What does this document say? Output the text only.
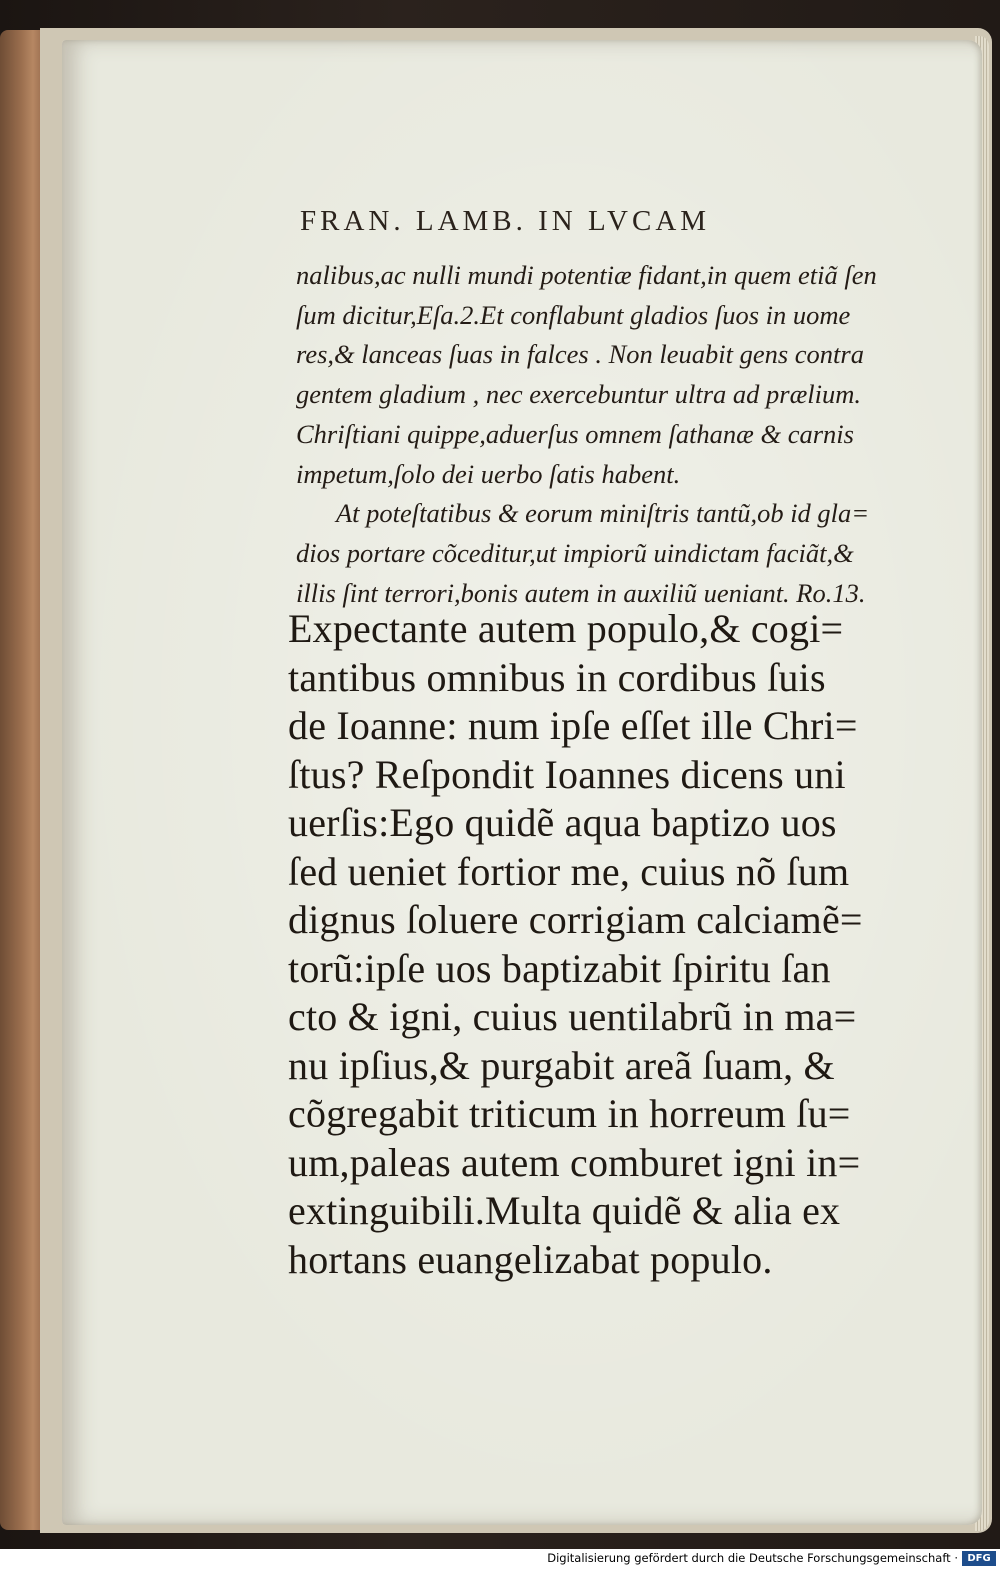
FRAN. LAMB. IN LVCAM
nalibus,ac nulli mundi potentiæ fidant,in quem etiã ſen
ſum dicitur,Eſa.2.Et conflabunt gladios ſuos in uome
res,& lanceas ſuas in falces . Non leuabit gens contra
gentem gladium , nec exercebuntur ultra ad prælium.
Chriſtiani quippe,aduerſus omnem ſathanæ & carnis
impetum,ſolo dei uerbo ſatis habent.
At poteſtatibus & eorum miniſtris tantũ,ob id gla=
dios portare cõceditur,ut impiorũ uindictam faciãt,&
illis ſint terrori,bonis autem in auxiliũ ueniant. Ro.13.
Expectante autem populo,& cogi=
tantibus omnibus in cordibus ſuis
de Ioanne: num ipſe eſſet ille Chri=
ſtus? Reſpondit Ioannes dicens uni
uerſis:Ego quidẽ aqua baptizo uos
ſed ueniet fortior me, cuius nõ ſum
dignus ſoluere corrigiam calciamẽ=
torũ:ipſe uos baptizabit ſpiritu ſan
cto & igni, cuius uentilabrũ in ma=
nu ipſius,& purgabit areã ſuam, &
cõgregabit triticum in horreum ſu=
um,paleas autem comburet igni in=
extinguibili.Multa quidẽ & alia ex
hortans euangelizabat populo.
Digitalisierung gefördert durch die Deutsche Forschungsgemeinschaft · DFG
